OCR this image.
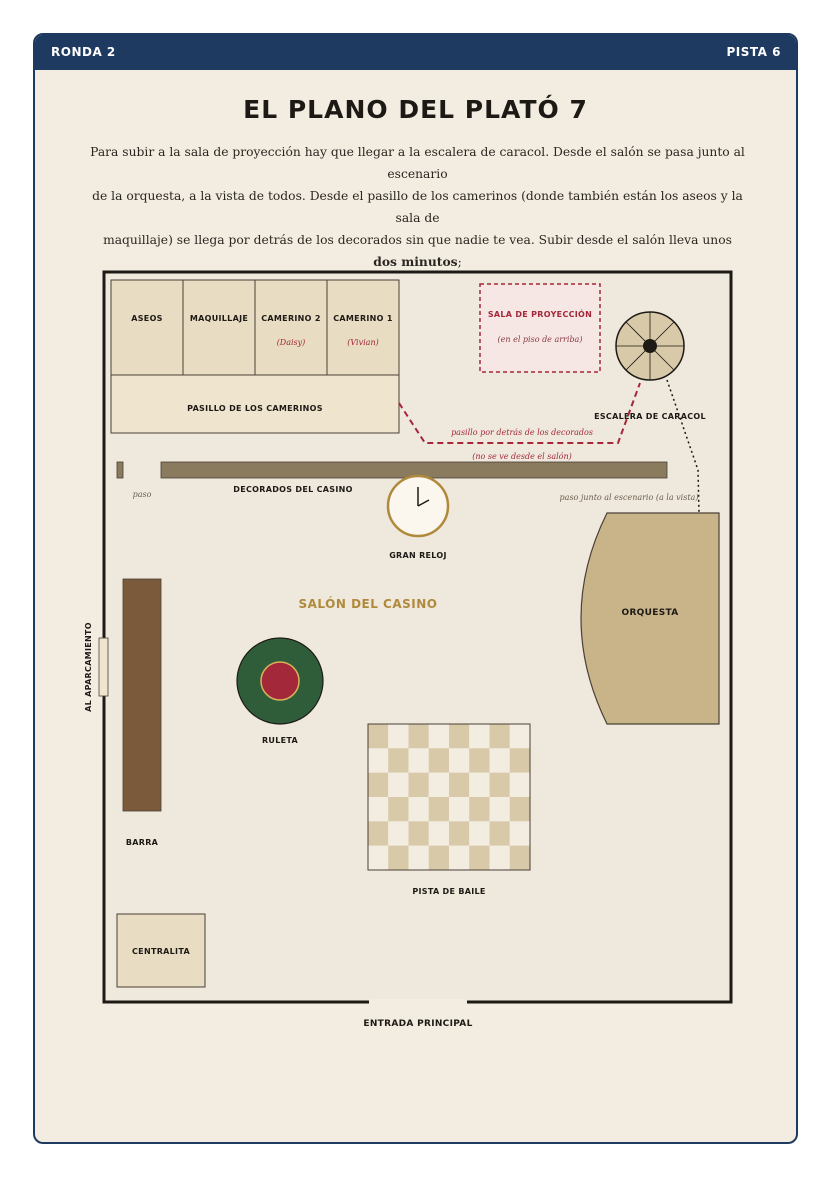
RONDA 2	PISTA 6
EL PLANO DEL PLATÓ 7
Para subir a la sala de proyección hay que llegar a la escalera de caracol. Desde el salón se pasa junto al escenario
de la orquesta, a la vista de todos. Desde el pasillo de los camerinos (donde también están los aseos y la sala de
maquillaje) se llega por detrás de los decorados sin que nadie te vea. Subir desde el salón lleva unos dos minutos;
ASEOS	MAQUILLAJE CAMERINO 2
(Daisy)
CAMERINO 1
(Vivian)
PASILLO DE LOS CAMERINOS
SALA DE PROYECCIÓN
(en el piso de arriba)
ESCALERA DE CARACOL
pasillo por detrás de los decorados
(no se ve desde el salón)
paso junto al escenario (a la vista)
DECORADOS DEL CASINO
paso
GRAN RELOJ
SALÓN DEL CASINO
ORQUESTA
AL APARCAMIENTO
BARRA
RULETA
PISTA DE BAILE
CENTRALITA
ENTRADA PRINCIPAL
